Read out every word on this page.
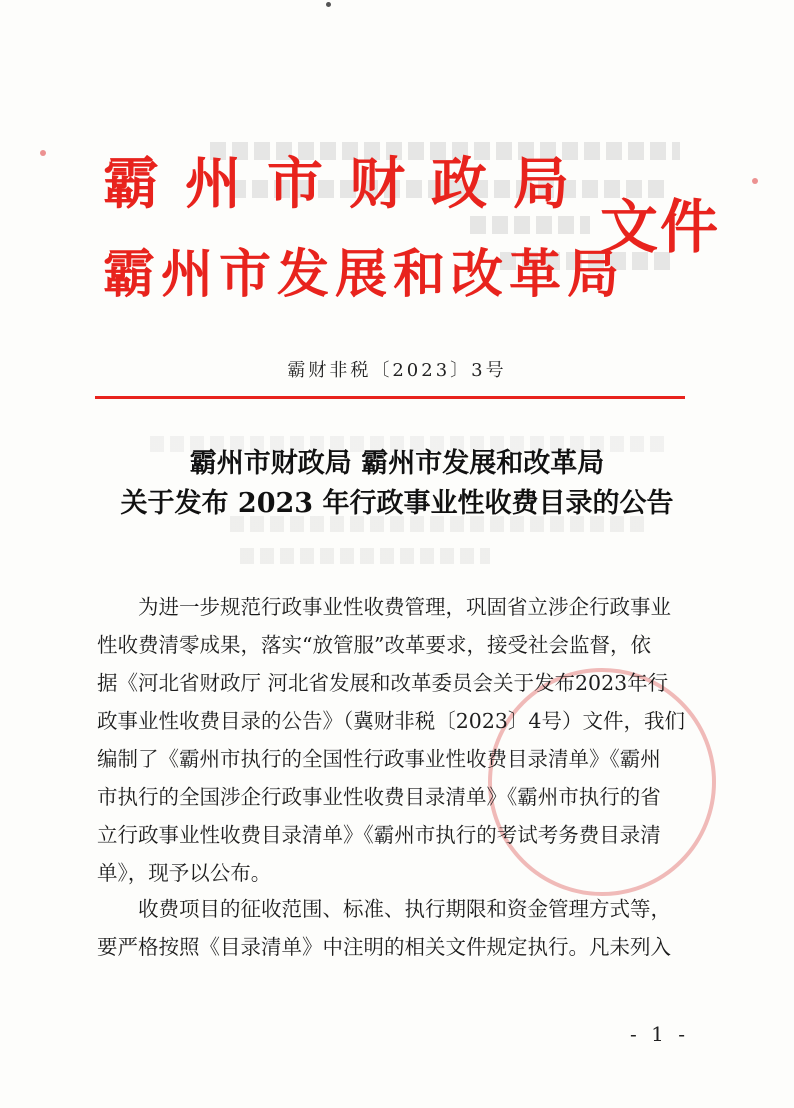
霸州市财政局
文件
霸州市发展和改革局
霸财非税〔2023〕3号
霸州市财政局 霸州市发展和改革局
关于发布 2023 年行政事业性收费目录的公告
为进一步规范行政事业性收费管理，巩固省立涉企行政事业
性收费清零成果，落实“放管服”改革要求，接受社会监督，依
据《河北省财政厅 河北省发展和改革委员会关于发布2023年行
政事业性收费目录的公告》（冀财非税〔2023〕4号）文件，我们
编制了《霸州市执行的全国性行政事业性收费目录清单》《霸州
市执行的全国涉企行政事业性收费目录清单》《霸州市执行的省
立行政事业性收费目录清单》《霸州市执行的考试考务费目录清
单》，现予以公布。
收费项目的征收范围、标准、执行期限和资金管理方式等，
要严格按照《目录清单》中注明的相关文件规定执行。凡未列入
- 1 -
